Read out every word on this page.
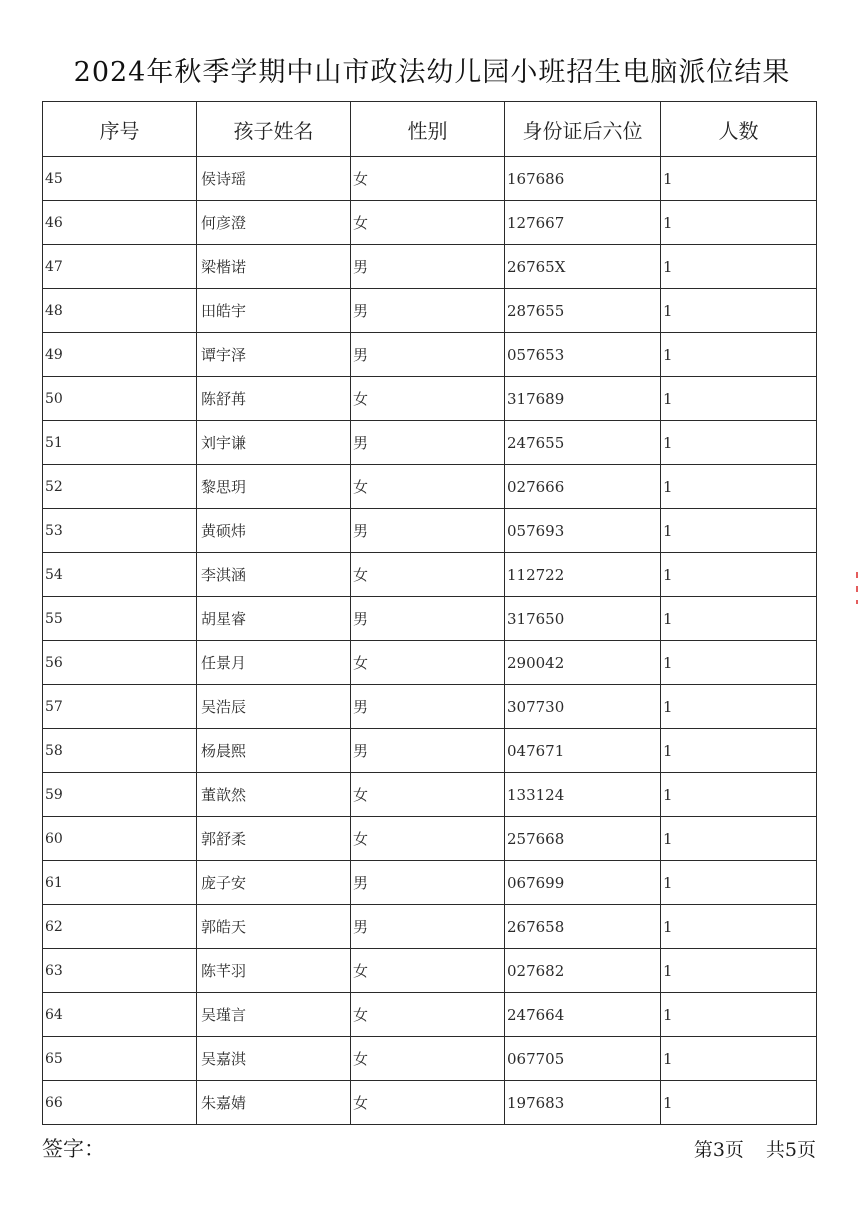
2024年秋季学期中山市政法幼儿园小班招生电脑派位结果
序号	孩子姓名	性别	身份证后六位	人数
45	侯诗瑶	女	167686	1
46	何彦澄	女	127667	1
47	梁楷诺	男	26765X	1
48	田皓宇	男	287655	1
49	谭宇泽	男	057653	1
50	陈舒苒	女	317689	1
51	刘宇谦	男	247655	1
52	黎思玥	女	027666	1
53	黄硕炜	男	057693	1
54	李淇涵	女	112722	1
55	胡星睿	男	317650	1
56	任景月	女	290042	1
57	吴浩辰	男	307730	1
58	杨晨熙	男	047671	1
59	董歆然	女	133124	1
60	郭舒柔	女	257668	1
61	庞子安	男	067699	1
62	郭皓天	男	267658	1
63	陈芊羽	女	027682	1
64	吴瑾言	女	247664	1
65	吴嘉淇	女	067705	1
66	朱嘉婧	女	197683	1
签字：	第3页 共5页
